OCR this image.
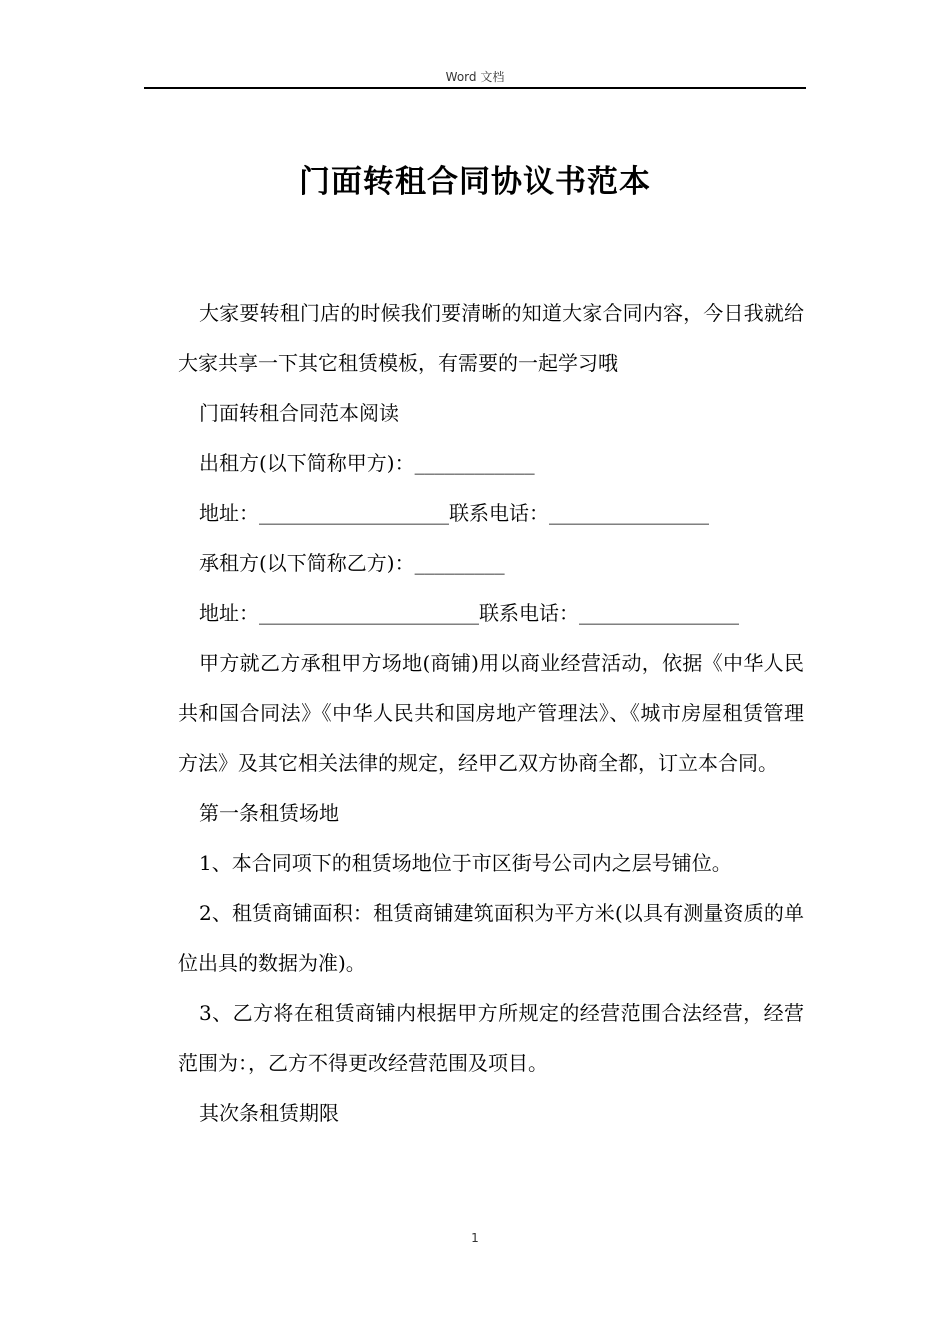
Word 文档
门面转租合同协议书范本

大家要转租门店的时候我们要清晰的知道大家合同内容，今日我就给大家共享一下其它租赁模板，有需要的一起学习哦

门面转租合同范本阅读

出租方(以下简称甲方)：____________

地址：___________________联系电话：________________

承租方(以下简称乙方)：_________

地址：______________________联系电话：________________

甲方就乙方承租甲方场地(商铺)用以商业经营活动，依据《中华人民共和国合同法》《中华人民共和国房地产管理法》、《城市房屋租赁管理方法》及其它相关法律的规定，经甲乙双方协商全都，订立本合同。

第一条租赁场地

1、本合同项下的租赁场地位于市区街号公司内之层号铺位。

2、租赁商铺面积：租赁商铺建筑面积为平方米(以具有测量资质的单位出具的数据为准)。

3、乙方将在租赁商铺内根据甲方所规定的经营范围合法经营，经营范围为：，乙方不得更改经营范围及项目。

其次条租赁期限

1
